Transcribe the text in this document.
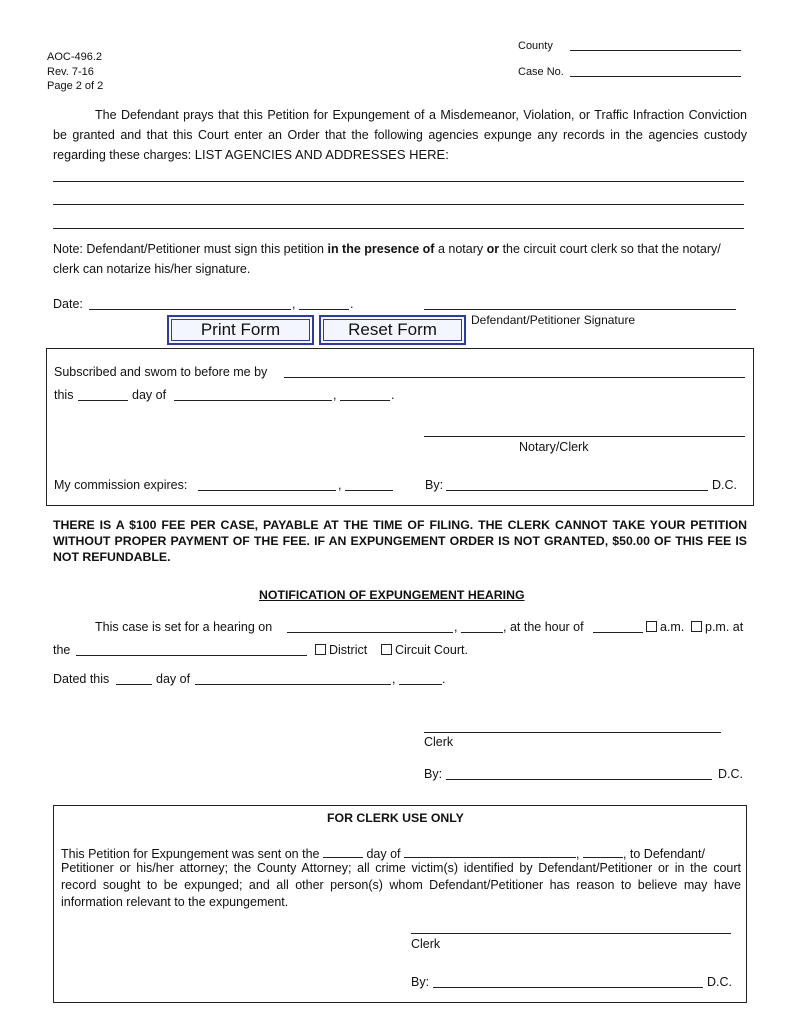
AOC-496.2
Rev. 7-16
Page 2 of 2
County
Case No.
The Defendant prays that this Petition for Expungement of a Misdemeanor, Violation, or Traffic Infraction Conviction be granted and that this Court enter an Order that the following agencies expunge any records in the agencies custody regarding these charges: LIST AGENCIES AND ADDRESSES HERE:
Note: Defendant/Petitioner must sign this petition in the presence of a notary or the circuit court clerk so that the notary/ clerk can notarize his/her signature.
Date:	,	.
Defendant/Petitioner Signature
Print Form	Reset Form
Subscribed and swom to before me by
this	day of	,	.
Notary/Clerk
My commission expires:	,	By:	D.C.
THERE IS A $100 FEE PER CASE, PAYABLE AT THE TIME OF FILING. THE CLERK CANNOT TAKE YOUR PETITION WITHOUT PROPER PAYMENT OF THE FEE. IF AN EXPUNGEMENT ORDER IS NOT GRANTED, $50.00 OF THIS FEE IS NOT REFUNDABLE.
NOTIFICATION OF EXPUNGEMENT HEARING
This case is set for a hearing on	,	, at the hour of	a.m.	p.m. at
the	District	Circuit Court.
Dated this	day of	,	.
Clerk
By:	D.C.
FOR CLERK USE ONLY
This Petition for Expungement was sent on the	day of	,	, to Defendant/
Petitioner or his/her attorney; the County Attorney; all crime victim(s) identified by Defendant/Petitioner or in the court record sought to be expunged; and all other person(s) whom Defendant/Petitioner has reason to believe may have information relevant to the expungement.
Clerk
By:	D.C.
